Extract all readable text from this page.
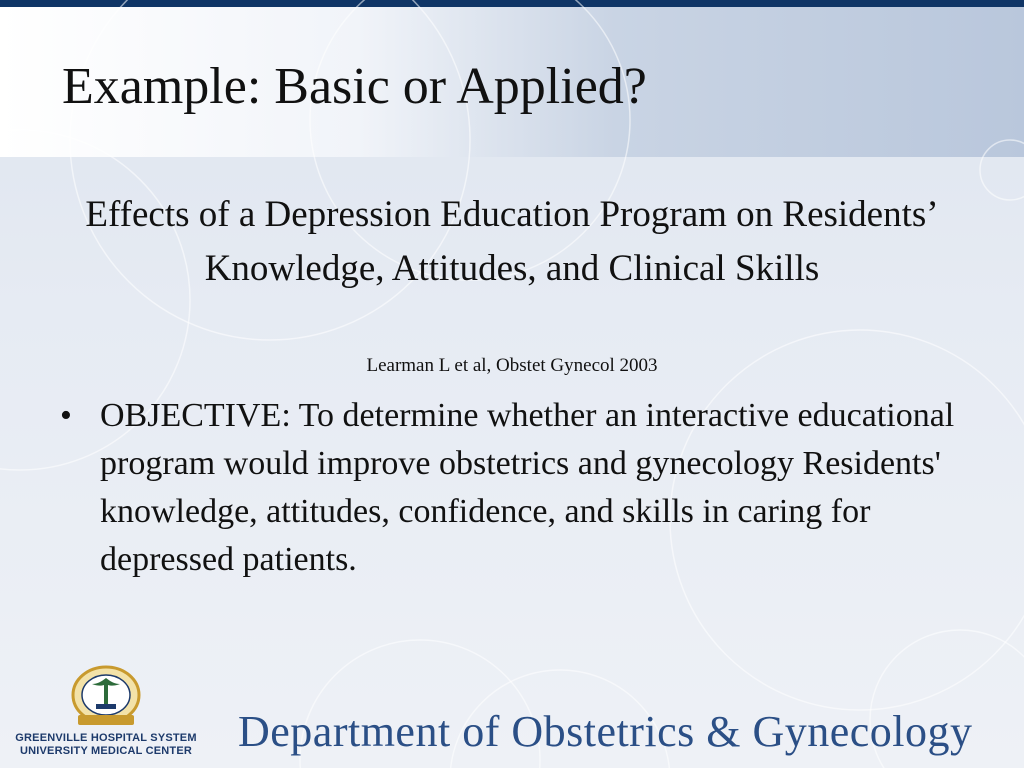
Example: Basic or Applied?

Effects of a Depression Education Program on Residents’ Knowledge, Attitudes, and Clinical Skills

Learman L et al, Obstet Gynecol 2003
• OBJECTIVE: To determine whether an interactive educational program would improve obstetrics and gynecology Residents' knowledge, attitudes, confidence, and skills in caring for depressed patients.
GREENVILLE HOSPITAL SYSTEM
UNIVERSITY MEDICAL CENTER Department of Obstetrics & Gynecology
